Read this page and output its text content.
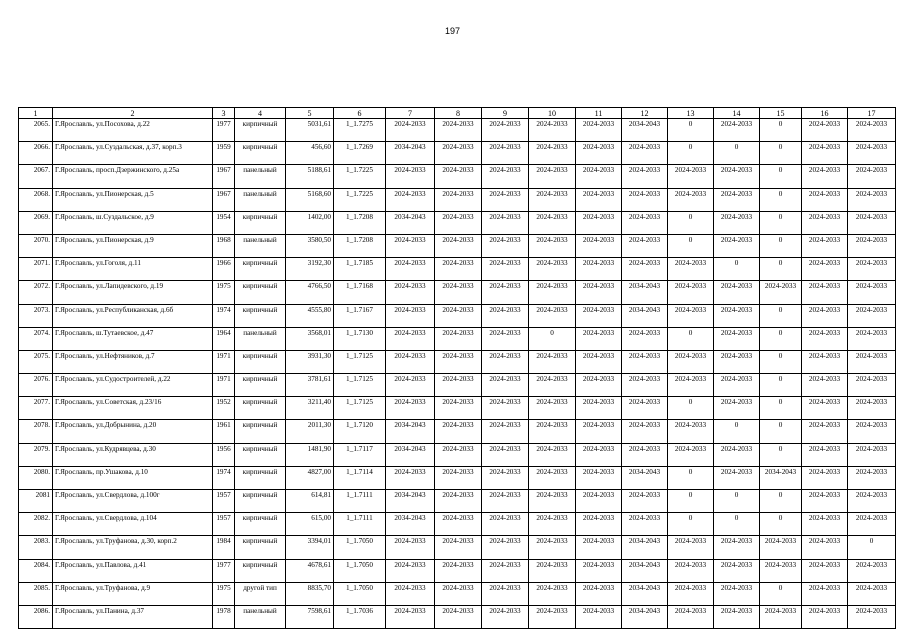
197
1	2	3	4	5	6	7	8	9	10	11	12	13	14	15	16	17
2065.	Г.Ярославль, ул.Посохова, д.22	1977	кирпичный	5031,61	1_1.7275	2024-2033	2024-2033	2024-2033	2024-2033	2024-2033	2034-2043	0	2024-2033	0	2024-2033	2024-2033
2066.	Г.Ярославль, ул.Суздальская, д.37, корп.3	1959	кирпичный	456,60	1_1.7269	2034-2043	2024-2033	2024-2033	2024-2033	2024-2033	2024-2033	0	0	0	2024-2033	2024-2033
2067.	Г.Ярославль, просп.Дзержинского, д.25а	1967	панельный	5188,61	1_1.7225	2024-2033	2024-2033	2024-2033	2024-2033	2024-2033	2024-2033	2024-2033	2024-2033	0	2024-2033	2024-2033
2068.	Г.Ярославль, ул.Пионерская, д.5	1967	панельный	5168,60	1_1.7225	2024-2033	2024-2033	2024-2033	2024-2033	2024-2033	2024-2033	2024-2033	2024-2033	0	2024-2033	2024-2033
2069.	Г.Ярославль, ш.Суздальское, д.9	1954	кирпичный	1402,00	1_1.7208	2034-2043	2024-2033	2024-2033	2024-2033	2024-2033	2024-2033	0	2024-2033	0	2024-2033	2024-2033
2070.	Г.Ярославль, ул.Пионерская, д.9	1968	панельный	3580,50	1_1.7208	2024-2033	2024-2033	2024-2033	2024-2033	2024-2033	2024-2033	0	2024-2033	0	2024-2033	2024-2033
2071.	Г.Ярославль, ул.Гоголя, д.11	1966	кирпичный	3192,30	1_1.7185	2024-2033	2024-2033	2024-2033	2024-2033	2024-2033	2024-2033	2024-2033	0	0	2024-2033	2024-2033
2072.	Г.Ярославль, ул.Лапидевского, д.19	1975	кирпичный	4766,50	1_1.7168	2024-2033	2024-2033	2024-2033	2024-2033	2024-2033	2034-2043	2024-2033	2024-2033	2024-2033	2024-2033	2024-2033
2073.	Г.Ярославль, ул.Республиканская, д.6б	1974	кирпичный	4555,80	1_1.7167	2024-2033	2024-2033	2024-2033	2024-2033	2024-2033	2034-2043	2024-2033	2024-2033	0	2024-2033	2024-2033
2074.	Г.Ярославль, ш.Тутаевское, д.47	1964	панельный	3568,01	1_1.7130	2024-2033	2024-2033	2024-2033	0	2024-2033	2024-2033	0	2024-2033	0	2024-2033	2024-2033
2075.	Г.Ярославль, ул.Нефтяников, д.7	1971	кирпичный	3931,30	1_1.7125	2024-2033	2024-2033	2024-2033	2024-2033	2024-2033	2024-2033	2024-2033	2024-2033	0	2024-2033	2024-2033
2076.	Г.Ярославль, ул.Судостроителей, д.22	1971	кирпичный	3781,61	1_1.7125	2024-2033	2024-2033	2024-2033	2024-2033	2024-2033	2024-2033	2024-2033	2024-2033	0	2024-2033	2024-2033
2077.	Г.Ярославль, ул.Советская, д.23/16	1952	кирпичный	3211,40	1_1.7125	2024-2033	2024-2033	2024-2033	2024-2033	2024-2033	2024-2033	0	2024-2033	0	2024-2033	2024-2033
2078.	Г.Ярославль, ул.Добрынина, д.20	1961	кирпичный	2011,30	1_1.7120	2034-2043	2024-2033	2024-2033	2024-2033	2024-2033	2024-2033	2024-2033	0	0	2024-2033	2024-2033
2079.	Г.Ярославль, ул.Кудрявцева, д.30	1956	кирпичный	1481,90	1_1.7117	2034-2043	2024-2033	2024-2033	2024-2033	2024-2033	2024-2033	2024-2033	2024-2033	0	2024-2033	2024-2033
2080.	Г.Ярославль, пр.Ушакова, д.10	1974	кирпичный	4827,00	1_1.7114	2024-2033	2024-2033	2024-2033	2024-2033	2024-2033	2034-2043	0	2024-2033	2034-2043	2024-2033	2024-2033
2081	Г.Ярославль, ул.Свердлова, д.100г	1957	кирпичный	614,81	1_1.7111	2034-2043	2024-2033	2024-2033	2024-2033	2024-2033	2024-2033	0	0	0	2024-2033	2024-2033
2082.	Г.Ярославль, ул.Свердлова, д.104	1957	кирпичный	615,00	1_1.7111	2034-2043	2024-2033	2024-2033	2024-2033	2024-2033	2024-2033	0	0	0	2024-2033	2024-2033
2083.	Г.Ярославль, ул.Труфанова, д.30, корп.2	1984	кирпичный	3394,01	1_1.7050	2024-2033	2024-2033	2024-2033	2024-2033	2024-2033	2034-2043	2024-2033	2024-2033	2024-2033	2024-2033	0
2084.	Г.Ярославль, ул.Павлова, д.41	1977	кирпичный	4678,61	1_1.7050	2024-2033	2024-2033	2024-2033	2024-2033	2024-2033	2034-2043	2024-2033	2024-2033	2024-2033	2024-2033	2024-2033
2085.	Г.Ярославль, ул.Труфанова, д.9	1975	другой тип	8835,70	1_1.7050	2024-2033	2024-2033	2024-2033	2024-2033	2024-2033	2034-2043	2024-2033	2024-2033	0	2024-2033	2024-2033
2086.	Г.Ярославль, ул.Панина, д.37	1978	панельный	7598,61	1_1.7036	2024-2033	2024-2033	2024-2033	2024-2033	2024-2033	2034-2043	2024-2033	2024-2033	2024-2033	2024-2033	2024-2033
